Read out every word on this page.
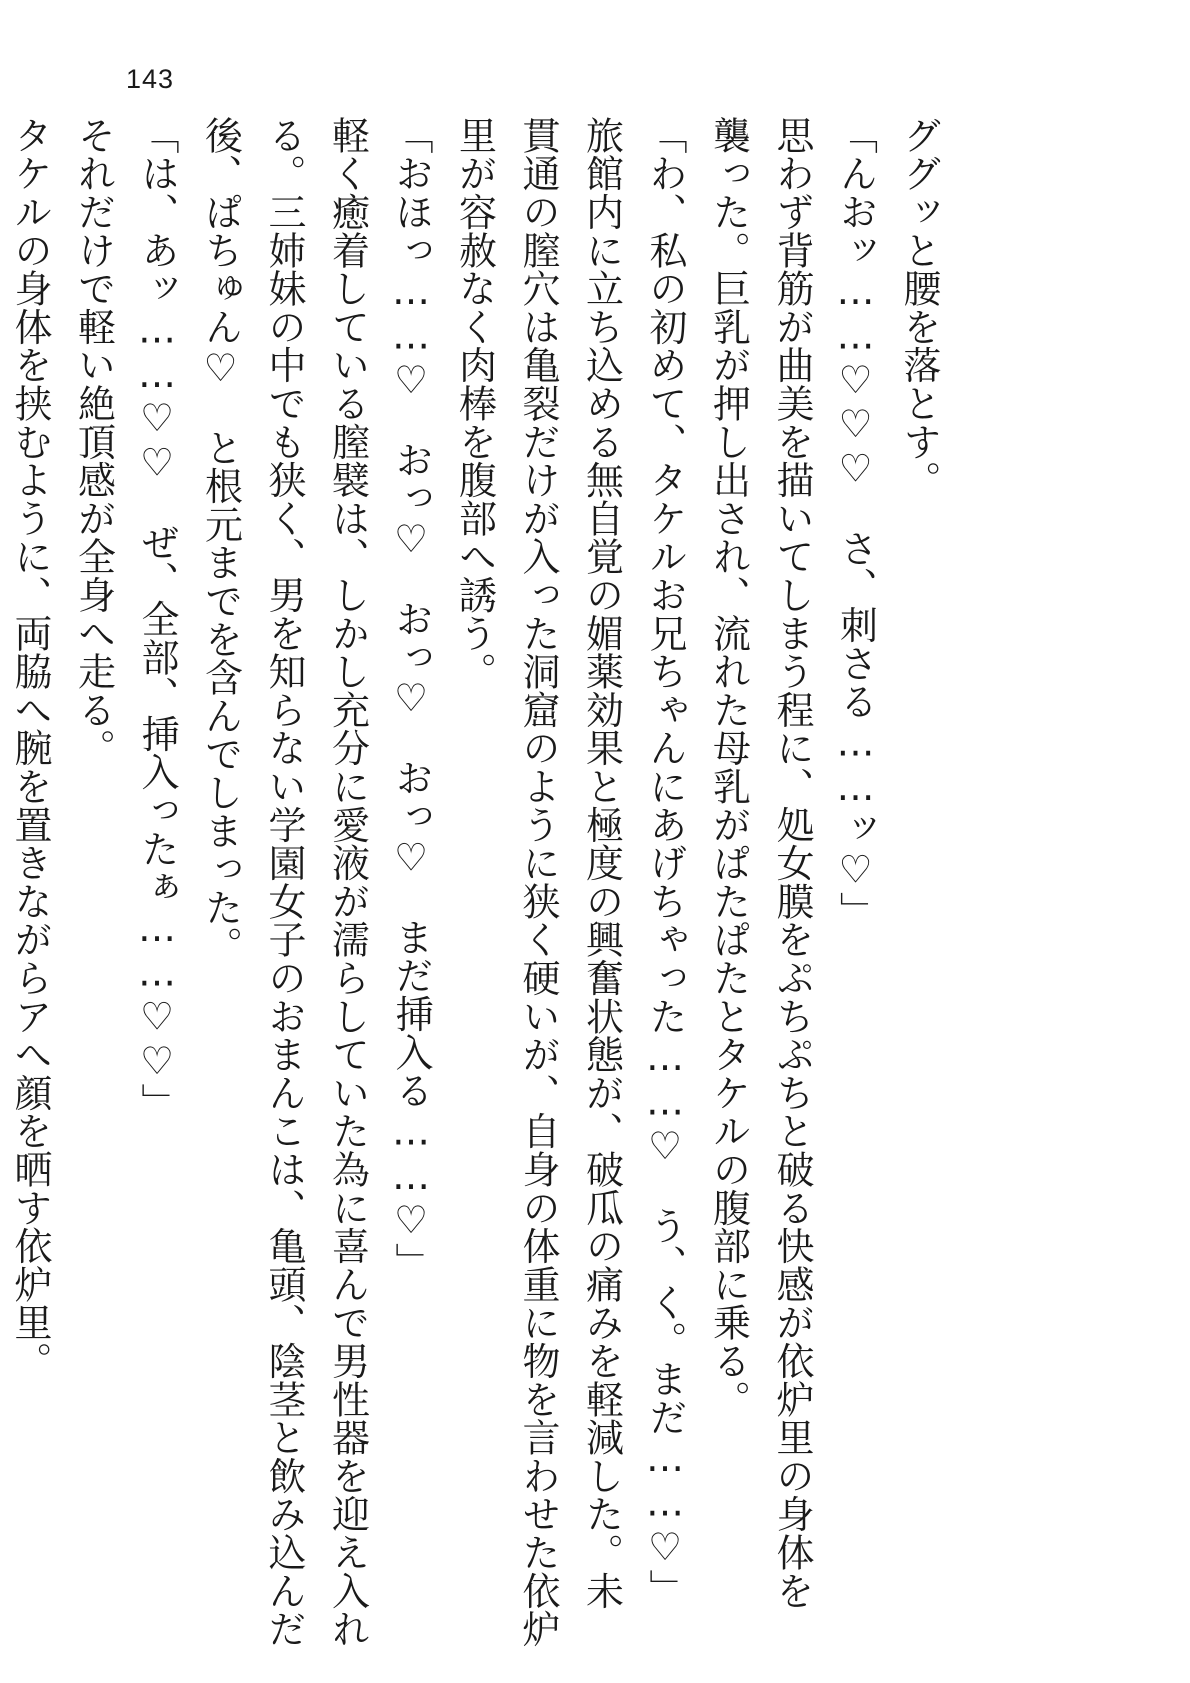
143
ググッと腰を落とす。
「んおッ……♡♡♡　さ、刺さる……ッ♡」
思わず背筋が曲美を描いてしまう程に、処女膜をぷちぷちと破る快感が依炉里の身体を
襲った。巨乳が押し出され、流れた母乳がぱたぱたとタケルの腹部に乗る。
「わ、私の初めて、タケルお兄ちゃんにあげちゃった……♡　う、く。まだ……♡」
旅館内に立ち込める無自覚の媚薬効果と極度の興奮状態が、破瓜の痛みを軽減した。未
貫通の膣穴は亀裂だけが入った洞窟のように狭く硬いが、自身の体重に物を言わせた依炉
里が容赦なく肉棒を腹部へ誘う。
「おほっ……♡　おっ♡　おっ♡　おっ♡　まだ挿入る……♡」
軽く癒着している膣襞は、しかし充分に愛液が濡らしていた為に喜んで男性器を迎え入れ
る。三姉妹の中でも狭く、男を知らない学園女子のおまんこは、亀頭、陰茎と飲み込んだ
後、ぱちゅん♡　と根元までを含んでしまった。
「は、あッ……♡♡　ぜ、全部、挿入ったぁ……♡♡」
それだけで軽い絶頂感が全身へ走る。
タケルの身体を挟むように、両脇へ腕を置きながらアへ顔を晒す依炉里。
